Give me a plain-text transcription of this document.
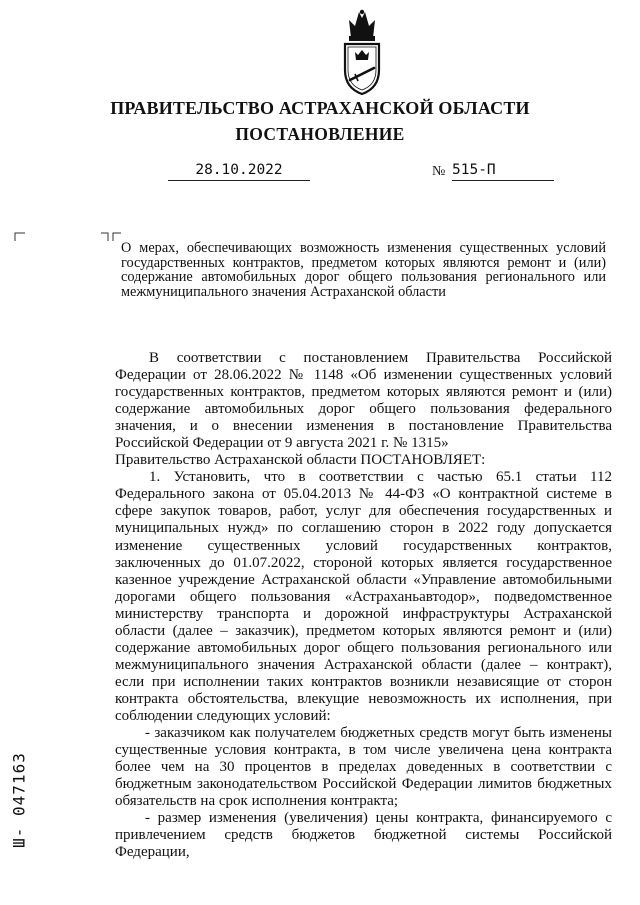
ПРАВИТЕЛЬСТВО АСТРАХАНСКОЙ ОБЛАСТИ
ПОСТАНОВЛЕНИЕ
28.10.2022	№ 515-П
О мерах, обеспечивающих возможность изменения существенных условий государственных контрактов, предметом которых являются ремонт и (или) содержание автомобильных дорог общего пользования регионального или межмуниципального значения Астраханской области

В соответствии с постановлением Правительства Российской Федерации от 28.06.2022 № 1148 «Об изменении существенных условий государственных контрактов, предметом которых являются ремонт и (или) содержание автомобильных дорог общего пользования федерального значения, и о внесении изменения в постановление Правительства Российской Федерации от 9 августа 2021 г. № 1315»

Правительство Астраханской области ПОСТАНОВЛЯЕТ:

1. Установить, что в соответствии с частью 65.1 статьи 112 Федерального закона от 05.04.2013 № 44-ФЗ «О контрактной системе в сфере закупок товаров, работ, услуг для обеспечения государственных и муниципальных нужд» по соглашению сторон в 2022 году допускается изменение существенных условий государственных контрактов, заключенных до 01.07.2022, стороной которых является государственное казенное учреждение Астраханской области «Управление автомобильными дорогами общего пользования «Астраханьавтодор», подведомственное министерству транспорта и дорожной инфраструктуры Астраханской области (далее – заказчик), предметом которых являются ремонт и (или) содержание автомобильных дорог общего пользования регионального или межмуниципального значения Астраханской области (далее – контракт), если при исполнении таких контрактов возникли независящие от сторон контракта обстоятельства, влекущие невозможность их исполнения, при соблюдении следующих условий:

- заказчиком как получателем бюджетных средств могут быть изменены существенные условия контракта, в том числе увеличена цена контракта более чем на 30 процентов в пределах доведенных в соответствии с бюджетным законодательством Российской Федерации лимитов бюджетных обязательств на срок исполнения контракта;

- размер изменения (увеличения) цены контракта, финансируемого с привлечением средств бюджетов бюджетной системы Российской Федерации,

Ш- 047163
